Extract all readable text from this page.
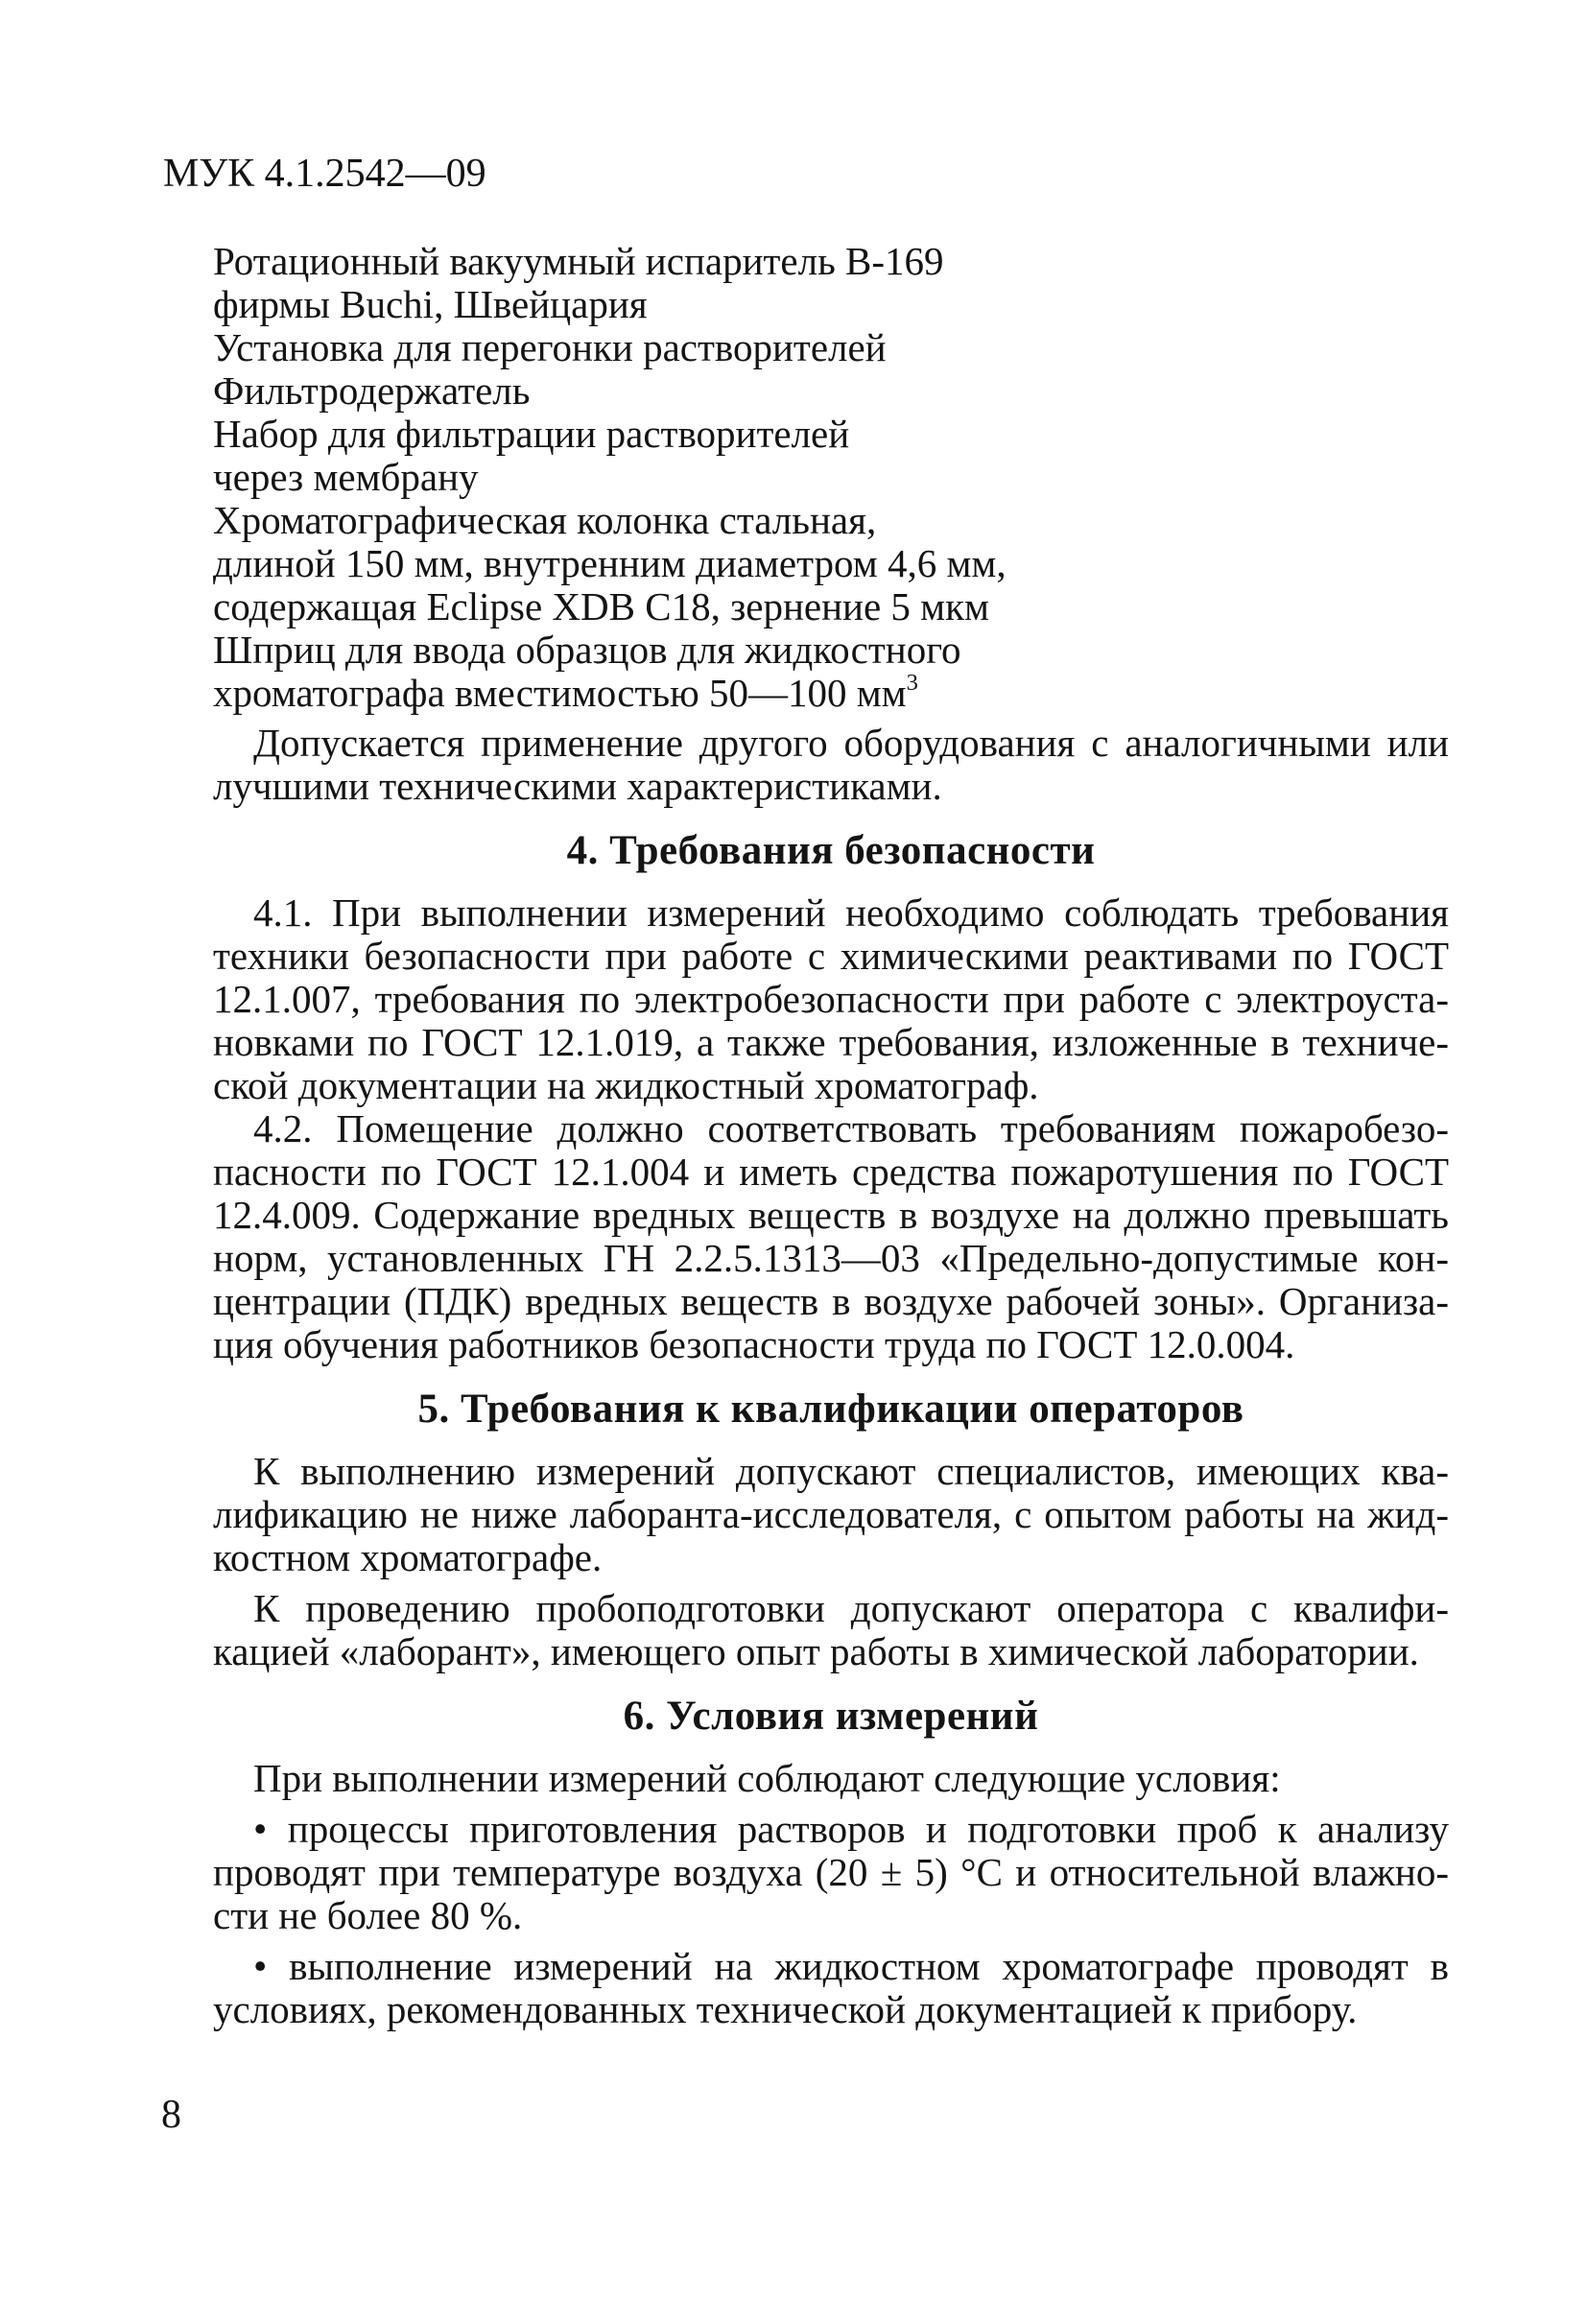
МУК 4.1.2542—09
Ротационный вакуумный испаритель В-169
фирмы Buchi, Швейцария
Установка для перегонки растворителей
Фильтродержатель
Набор для фильтрации растворителей
через мембрану
Хроматографическая колонка стальная,
длиной 150 мм, внутренним диаметром 4,6 мм,
содержащая Eclipse XDB C18, зернение 5 мкм
Шприц для ввода образцов для жидкостного
хроматографа вместимостью 50—100 $мм^3$

Допускается применение другого оборудования с аналогичными или лучшими техническими характеристиками.

4. Требования безопасности

4.1. При выполнении измерений необходимо соблюдать требования техники безопасности при работе с химическими реактивами по ГОСТ 12.1.007, требования по электробезопасности при работе с электроустановками по ГОСТ 12.1.019, а также требования, изложенные в технической документации на жидкостный хроматограф.

4.2. Помещение должно соответствовать требованиям пожаробезопасности по ГОСТ 12.1.004 и иметь средства пожаротушения по ГОСТ 12.4.009. Содержание вредных веществ в воздухе на должно превышать норм, установленных ГН 2.2.5.1313—03 «Предельно-допустимые концентрации (ПДК) вредных веществ в воздухе рабочей зоны». Организация обучения работников безопасности труда по ГОСТ 12.0.004.

5. Требования к квалификации операторов

К выполнению измерений допускают специалистов, имеющих квалификацию не ниже лаборанта-исследователя, с опытом работы на жидкостном хроматографе.

К проведению пробоподготовки допускают оператора с квалификацией «лаборант», имеющего опыт работы в химической лаборатории.

6. Условия измерений

При выполнении измерений соблюдают следующие условия:

• процессы приготовления растворов и подготовки проб к анализу проводят при температуре воздуха (20 ± 5) °С и относительной влажности не более 80 %.

• выполнение измерений на жидкостном хроматографе проводят в условиях, рекомендованных технической документацией к прибору.

8
